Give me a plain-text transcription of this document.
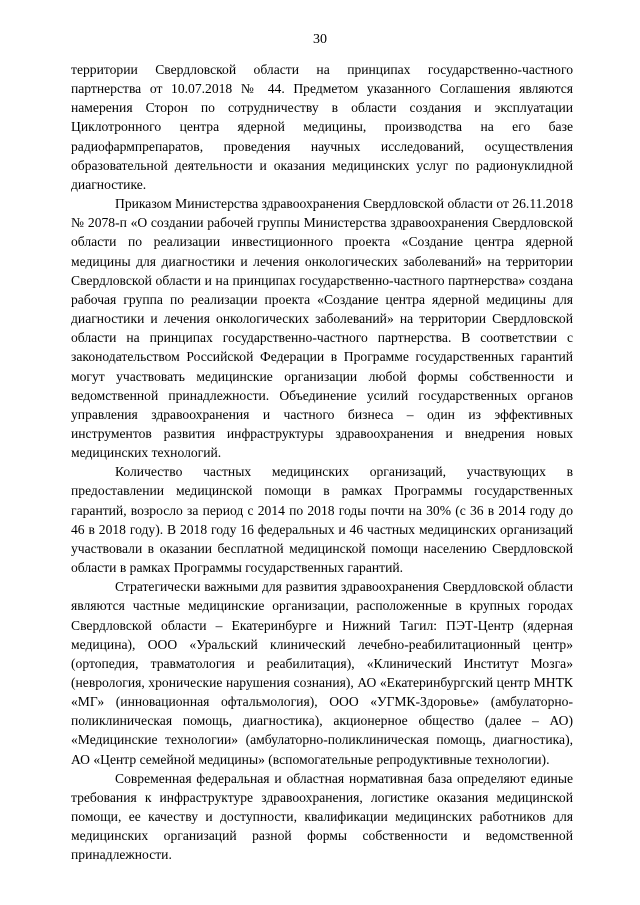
30

территории Свердловской области на принципах государственно-частного партнерства от 10.07.2018 № 44. Предметом указанного Соглашения являются намерения Сторон по сотрудничеству в области создания и эксплуатации Циклотронного центра ядерной медицины, производства на его базе радиофармпрепаратов, проведения научных исследований, осуществления образовательной деятельности и оказания медицинских услуг по радионуклидной диагностике.

Приказом Министерства здравоохранения Свердловской области от 26.11.2018 № 2078-п «О создании рабочей группы Министерства здравоохранения Свердловской области по реализации инвестиционного проекта «Создание центра ядерной медицины для диагностики и лечения онкологических заболеваний» на территории Свердловской области и на принципах государственно-частного партнерства» создана рабочая группа по реализации проекта «Создание центра ядерной медицины для диагностики и лечения онкологических заболеваний» на территории Свердловской области на принципах государственно-частного партнерства. В соответствии с законодательством Российской Федерации в Программе государственных гарантий могут участвовать медицинские организации любой формы собственности и ведомственной принадлежности. Объединение усилий государственных органов управления здравоохранения и частного бизнеса – один из эффективных инструментов развития инфраструктуры здравоохранения и внедрения новых медицинских технологий.

Количество частных медицинских организаций, участвующих в предоставлении медицинской помощи в рамках Программы государственных гарантий, возросло за период с 2014 по 2018 годы почти на 30% (с 36 в 2014 году до 46 в 2018 году). В 2018 году 16 федеральных и 46 частных медицинских организаций участвовали в оказании бесплатной медицинской помощи населению Свердловской области в рамках Программы государственных гарантий.

Стратегически важными для развития здравоохранения Свердловской области являются частные медицинские организации, расположенные в крупных городах Свердловской области – Екатеринбурге и Нижний Тагил: ПЭТ-Центр (ядерная медицина), ООО «Уральский клинический лечебно-реабилитационный центр» (ортопедия, травматология и реабилитация), «Клинический Институт Мозга» (неврология, хронические нарушения сознания), АО «Екатеринбургский центр МНТК «МГ» (инновационная офтальмология), ООО «УГМК-Здоровье» (амбулаторно-поликлиническая помощь, диагностика), акционерное общество (далее – АО) «Медицинские технологии» (амбулаторно-поликлиническая помощь, диагностика), АО «Центр семейной медицины» (вспомогательные репродуктивные технологии).

Современная федеральная и областная нормативная база определяют единые требования к инфраструктуре здравоохранения, логистике оказания медицинской помощи, ее качеству и доступности, квалификации медицинских работников для медицинских организаций разной формы собственности и ведомственной принадлежности.
